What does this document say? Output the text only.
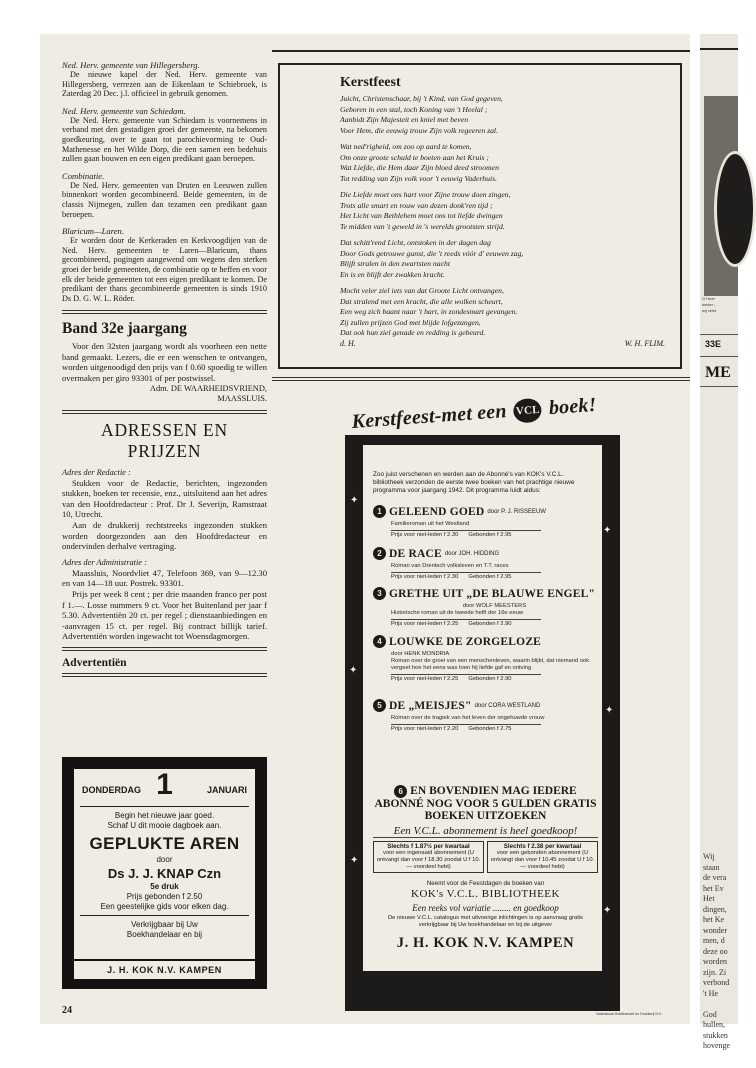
O Heer
weder ;
wij verle
33E
ME
Wij
staan
de vera
het Ev
Het
dingen,
het Ke
wonder
men, d
deze oo
worden
zijn. Zi
verbond
't He

God
hullen,
stukken
hovenge

Ned. Herv. gemeente van Hillegersberg.

De nieuwe kapel der Ned. Herv. gemeente van Hillegersberg, verrezen aan de Eikenlaan te Schiebroek, is Zaterdag 20 Dec. j.l. officieel in gebruik genomen.

Ned. Herv. gemeente van Schiedam.

De Ned. Herv. gemeente van Schiedam is voornemens in verband met den gestadigen groei der gemeente, na bekomen goedkeuring, over te gaan tot parochievorming te Oud-Mathenesse en het Wilde Dorp, die een samen een bedehuis zullen gaan bouwen en een eigen predikant gaan beroepen.

Combinatie.

De Ned. Herv. gemeenten van Druten en Leeuwen zullen binnenkort worden gecombineerd. Beide gemeenten, in de classis Nijmegen, zullen dan tezamen een predikant gaan beroepen.

Blaricum—Laren.

Er worden door de Kerkeraden en Kerkvoogdijen van de Ned. Herv. gemeenten te Laren—Blaricum, thans gecombineerd, pogingen aangewend om wegens den sterken groei der beide gemeenten, de combinatie op te heffen en voor elk der beide gemeenten tot een eigen predikant te komen. De predikant der thans gecombineerde gemeenten is sinds 1910 Ds D. G. W. L. Röder.

Band 32e jaargang

Voor den 32sten jaargang wordt als voorheen een nette band gemaakt. Lezers, die er een wenschen te ontvangen, worden uitgenoodigd den prijs van f 0.60 spoedig te willen overmaken per giro 93301 of per postwissel.

Adm. DE WAARHEIDSVRIEND,

MAASSLUIS.

ADRESSEN EN PRIJZEN

Adres der Redactie :

Stukken voor de Redactie, berichten, ingezonden stukken, boeken ter recensie, enz., uitsluitend aan het adres van den Hoofdredacteur : Prof. Dr J. Severijn, Ramstraat 10, Utrecht.

Aan de drukkerij rechtstreeks ingezonden stukken worden doorgezonden aan den Hoofdredacteur en ondervinden derhalve vertraging.

Adres der Administratie :

Maassluis, Noordvliet 47, Telefoon 369, van 9—12.30 en van 14—18 uur. Postrek. 93301.

Prijs per week 8 cent ; per drie maanden franco per post f 1.—. Losse nummers 9 ct. Voor het Buitenland per jaar f 5.30. Advertentiën 20 ct. per regel ; dienstaanbiedingen en -aanvragen 15 ct. per regel. Bij contract billijk tarief. Advertentiën worden ingewacht tot Woensdagmorgen.

Advertentiën

DONDERDAG 1	JANUARI

Begin het nieuwe jaar goed.

Schaf U dit mooie dagboek aan.

GEPLUKTE AREN

door

Ds J. J. KNAP Czn

5e druk

Prijs gebonden f 2.50

Een geestelijke gids voor elken dag.

Verkrijgbaar bij Uw

Boekhandelaar en bij

J. H. KOK N.V. KAMPEN
24

Kerstfeest

Juicht, Christenschaar, bij 't Kind, van God gegeven,

Geboren in een stal, toch Koning van 't Heelal ;

Aanbidt Zijn Majesteit en kniel met beven

Voor Hem, die eeuwig trouw Zijn volk regeeren zal.

Wat ned'righeid, om zoo op aard te komen,

Om onze groote schuld te boeten aan het Kruis ;

Wat Liefde, die Hem daar Zijn bloed deed stroomen

Tot redding van Zijn volk voor 't eeuwig Vaderhuis.

Die Liefde moet ons hart voor Zijne trouw doen zingen,

Trots alle smart en rouw van dezen donk'ren tijd ;

Het Licht van Bethlehem moet ons tot liefde dwingen

Te midden van 't geweld in 's werelds grootsten strijd.

Dat schitt'rend Licht, ontstoken in der dagen dag

Door Gods getrouwe gunst, die 't reeds vóór d' eeuwen zag,

Blijft stralen in den zwartsten nacht

En is en blijft der zwakken kracht.

Mocht veler ziel iets van dat Groote Licht ontvangen,

Dat stralend met een kracht, die alle wolken scheurt,

Een weg zich baant naar 't hart, in zondesmart gevangen.

Zij zullen prijzen God met blijde lofgezangen,

Dat ook hun ziel genade en redding is gebeurd.

d. H.	W. H. FLIM.

✦
✦
✦
✦
✦
✦
Kerstfeest-met een VCL boek!

Zoo juist verschenen en werden aan de Abonné's van KOK's V.C.L. bibliotheek verzonden de eerste twee boeken van het prachtige nieuwe programma voor jaargang 1942. Dit programma luidt aldus:

1 GELEEND GOED door P. J. RISSEEUW

Familieroman uit het Westland

Prijs voor niet-leden f 2.30 Gebonden f 2.95

2 DE RACE door JOH. HIDDING

Roman van Drentsch volksleven en T.T. races

Prijs voor niet-leden f 2.30 Gebonden f 2.95

3 GRETHE UIT „DE BLAUWE ENGEL"

door WOLF MEESTERS

Historische roman uit de tweede helft der 16e eeuw

Prijs voor niet-leden f 2.25 Gebonden f 2.90

4 LOUWKE DE ZORGELOZE

door HENK MONDRIA

Roman over de groei van een menschenleven, waarin blijkt, dat niemand ook vergeet hoe het eens was toen hij liefde gaf en ontving

Prijs voor niet-leden f 2.25 Gebonden f 2.90

5 DE „MEISJES" door CORA WESTLAND

Roman over de tragiek van het leven der ongehuwde vrouw

Prijs voor niet-leden f 2.20 Gebonden f 2.75

6 EN BOVENDIEN MAG IEDERE ABONNÉ NOG VOOR 5 GULDEN GRATIS BOEKEN UITZOEKEN
Een V.C.L. abonnement is heel goedkoop!
Slechts f 1.87½ per kwartaal
voor een ingenaaid abonnement (U ontvangt dan voor f 18.30 zoodat U f 10.— voordeel hebt)
Slechts f 2.38 per kwartaal
voor een gebonden abonnement (U ontvangt dan voor f 10.45 zoodat U f 10.— voordeel hebt)

Neemt voor de Feestdagen de boeken van

KOK's V.C.L. BIBLIOTHEEK

Een reeks vol variatie ........ en goedkoop

De nieuwe V.C.L. catalogus met uitvoerige inlichtingen is op aanvraag gratis verkrijgbaar bij Uw boekhandelaar en bij de uitgever

J. H. KOK N.V. KAMPEN

Naamlooze Boekhandel en Drukkerij N.V.
